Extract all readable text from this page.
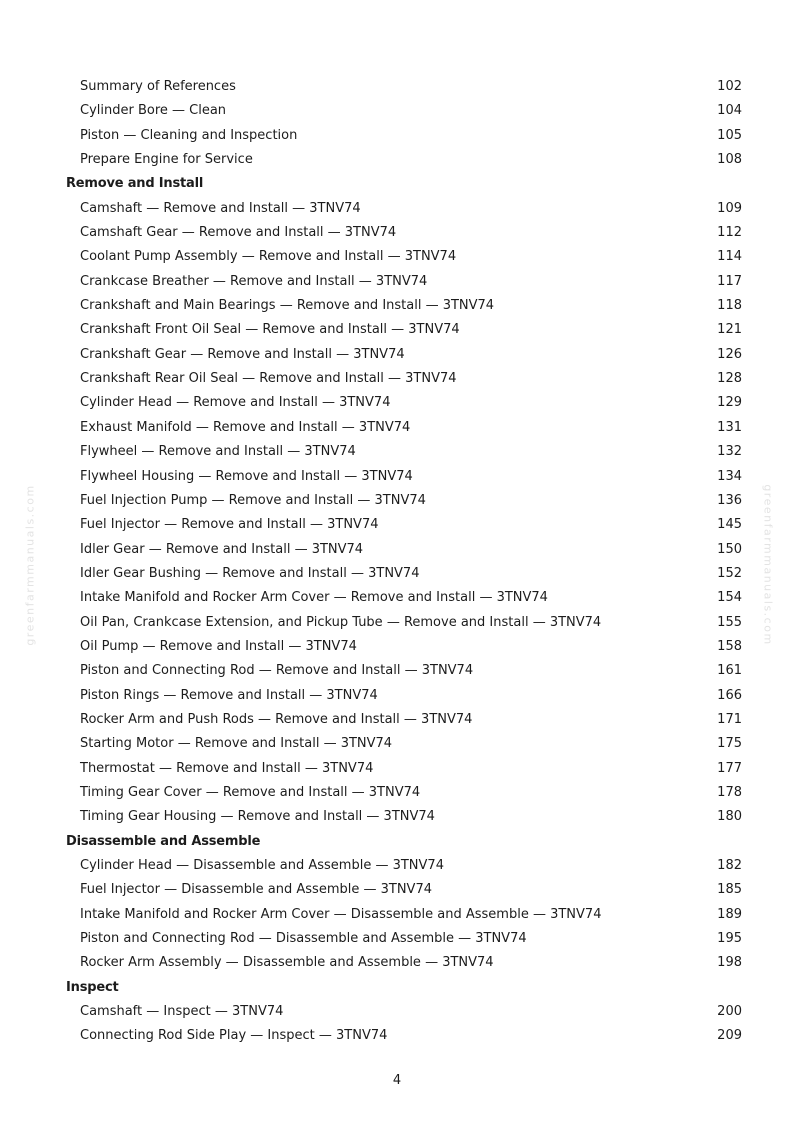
greenfarmmanuals.com	greenfarmmanuals.com
Summary of References	102
Cylinder Bore — Clean	104
Piston — Cleaning and Inspection	105
Prepare Engine for Service	108
Remove and Install
Camshaft — Remove and Install — 3TNV74	109
Camshaft Gear — Remove and Install — 3TNV74	112
Coolant Pump Assembly — Remove and Install — 3TNV74	114
Crankcase Breather — Remove and Install — 3TNV74	117
Crankshaft and Main Bearings — Remove and Install — 3TNV74	118
Crankshaft Front Oil Seal — Remove and Install — 3TNV74	121
Crankshaft Gear — Remove and Install — 3TNV74	126
Crankshaft Rear Oil Seal — Remove and Install — 3TNV74	128
Cylinder Head — Remove and Install — 3TNV74	129
Exhaust Manifold — Remove and Install — 3TNV74	131
Flywheel — Remove and Install — 3TNV74	132
Flywheel Housing — Remove and Install — 3TNV74	134
Fuel Injection Pump — Remove and Install — 3TNV74	136
Fuel Injector — Remove and Install — 3TNV74	145
Idler Gear — Remove and Install — 3TNV74	150
Idler Gear Bushing — Remove and Install — 3TNV74	152
Intake Manifold and Rocker Arm Cover — Remove and Install — 3TNV74	154
Oil Pan, Crankcase Extension, and Pickup Tube — Remove and Install — 3TNV74	155
Oil Pump — Remove and Install — 3TNV74	158
Piston and Connecting Rod — Remove and Install — 3TNV74	161
Piston Rings — Remove and Install — 3TNV74	166
Rocker Arm and Push Rods — Remove and Install — 3TNV74	171
Starting Motor — Remove and Install — 3TNV74	175
Thermostat — Remove and Install — 3TNV74	177
Timing Gear Cover — Remove and Install — 3TNV74	178
Timing Gear Housing — Remove and Install — 3TNV74	180
Disassemble and Assemble
Cylinder Head — Disassemble and Assemble — 3TNV74	182
Fuel Injector — Disassemble and Assemble — 3TNV74	185
Intake Manifold and Rocker Arm Cover — Disassemble and Assemble — 3TNV74	189
Piston and Connecting Rod — Disassemble and Assemble — 3TNV74	195
Rocker Arm Assembly — Disassemble and Assemble — 3TNV74	198
Inspect
Camshaft — Inspect — 3TNV74	200
Connecting Rod Side Play — Inspect — 3TNV74	209
4
